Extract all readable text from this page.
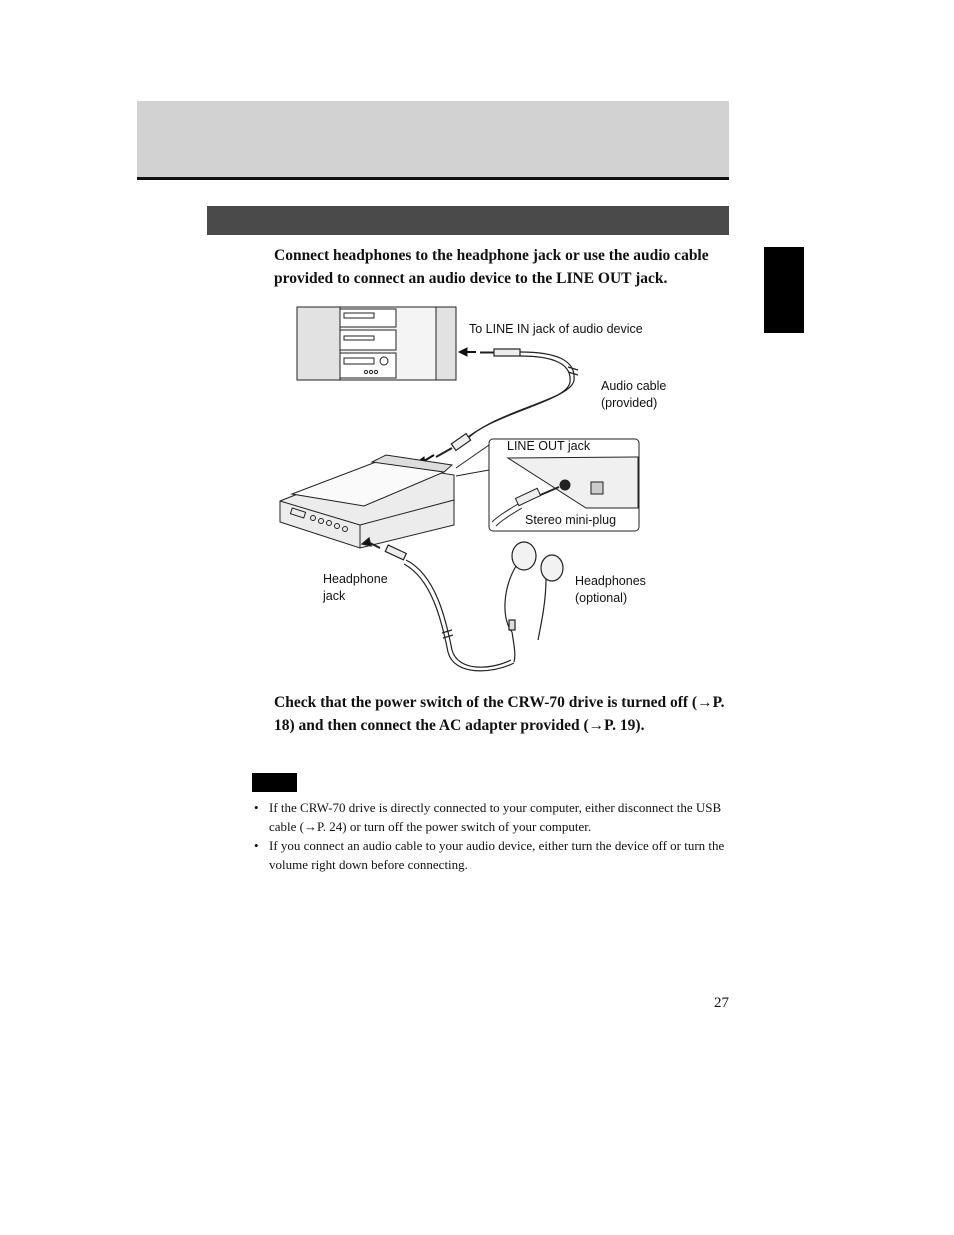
Connect headphones to the headphone jack or use the audio cable provided to connect an audio device to the LINE OUT jack.
To LINE IN jack of audio device
Audio cable
(provided)
LINE OUT jack
Stereo mini-plug
Headphone
jack
Headphones
(optional)
Check that the power switch of the CRW-70 drive is turned off (→P. 18) and then connect the AC adapter provided (→P. 19).
• If the CRW-70 drive is directly connected to your computer, either disconnect the USB cable (→P. 24) or turn off the power switch of your computer.
• If you connect an audio cable to your audio device, either turn the device off or turn the volume right down before connecting.
27
